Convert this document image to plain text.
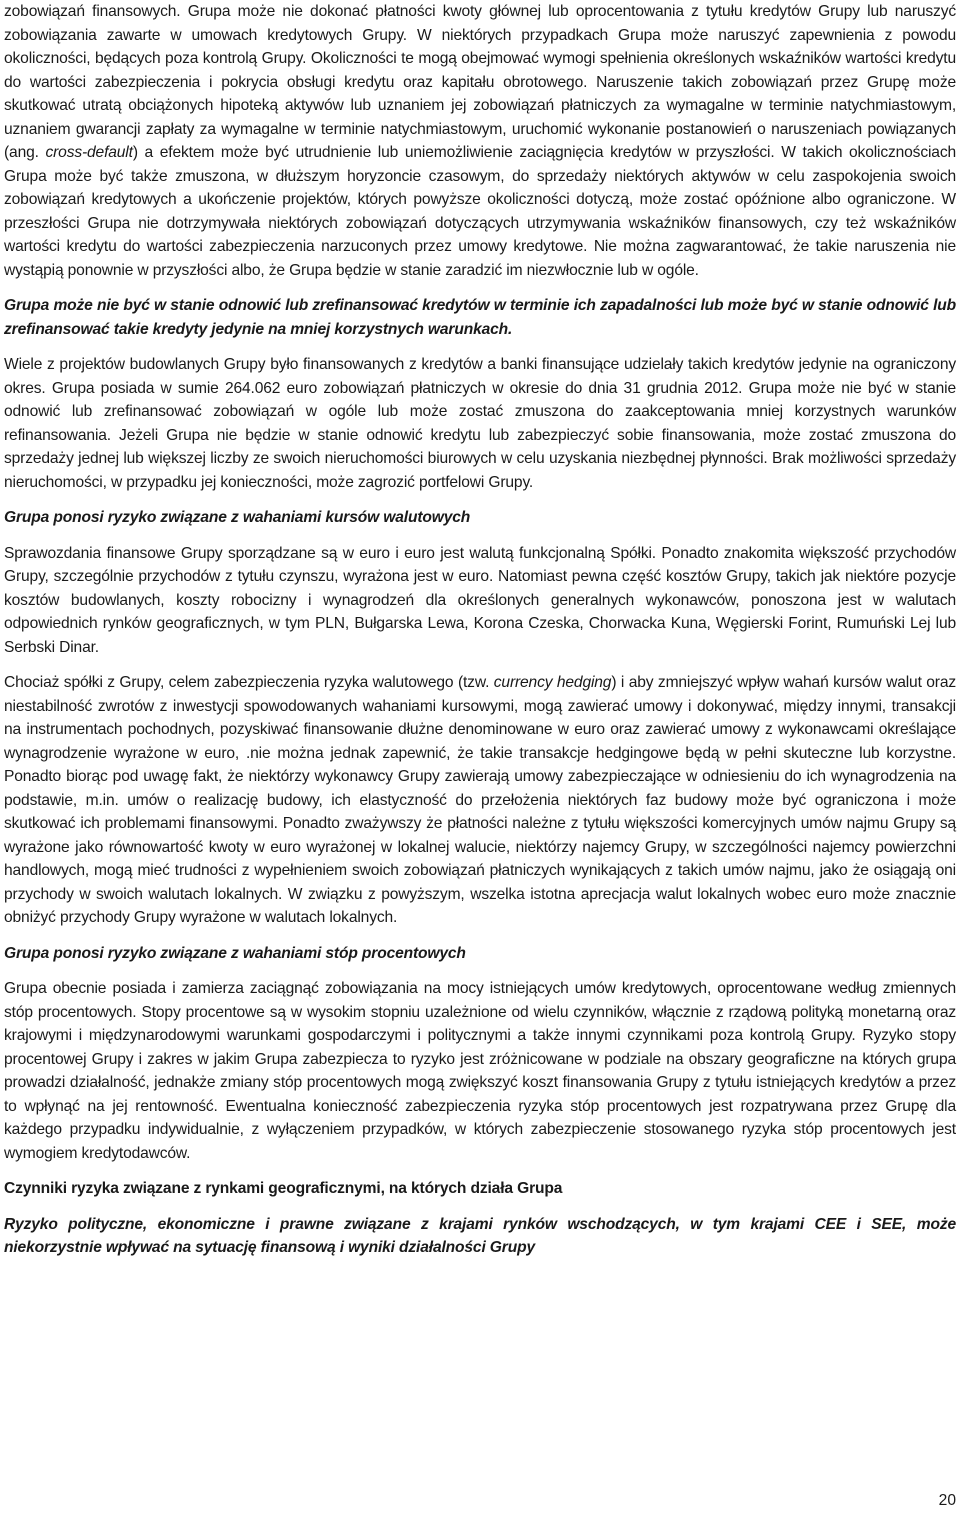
zobowiązań finansowych. Grupa może nie dokonać płatności kwoty głównej lub oprocentowania z tytułu kredytów Grupy lub naruszyć zobowiązania zawarte w umowach kredytowych Grupy. W niektórych przypadkach Grupa może naruszyć zapewnienia z powodu okoliczności, będących poza kontrolą Grupy. Okoliczności te mogą obejmować wymogi spełnienia określonych wskaźników wartości kredytu do wartości zabezpieczenia i pokrycia obsługi kredytu oraz kapitału obrotowego. Naruszenie takich zobowiązań przez Grupę może skutkować utratą obciążonych hipoteką aktywów lub uznaniem jej zobowiązań płatniczych za wymagalne w terminie natychmiastowym, uznaniem gwarancji zapłaty za wymagalne w terminie natychmiastowym, uruchomić wykonanie postanowień o naruszeniach powiązanych (ang. cross-default) a efektem może być utrudnienie lub uniemożliwienie zaciągnięcia kredytów w przyszłości. W takich okolicznościach Grupa może być także zmuszona, w dłuższym horyzoncie czasowym, do sprzedaży niektórych aktywów w celu zaspokojenia swoich zobowiązań kredytowych a ukończenie projektów, których powyższe okoliczności dotyczą, może zostać opóźnione albo ograniczone. W przeszłości Grupa nie dotrzymywała niektórych zobowiązań dotyczących utrzymywania wskaźników finansowych, czy też wskaźników wartości kredytu do wartości zabezpieczenia narzuconych przez umowy kredytowe. Nie można zagwarantować, że takie naruszenia nie wystąpią ponownie w przyszłości albo, że Grupa będzie w stanie zaradzić im niezwłocznie lub w ogóle.

Grupa może nie być w stanie odnowić lub zrefinansować kredytów w terminie ich zapadalności lub może być w stanie odnowić lub zrefinansować takie kredyty jedynie na mniej korzystnych warunkach.

Wiele z projektów budowlanych Grupy było finansowanych z kredytów a banki finansujące udzielały takich kredytów jedynie na ograniczony okres. Grupa posiada w sumie 264.062 euro zobowiązań płatniczych w okresie do dnia 31 grudnia 2012. Grupa może nie być w stanie odnowić lub zrefinansować zobowiązań w ogóle lub może zostać zmuszona do zaakceptowania mniej korzystnych warunków refinansowania. Jeżeli Grupa nie będzie w stanie odnowić kredytu lub zabezpieczyć sobie finansowania, może zostać zmuszona do sprzedaży jednej lub większej liczby ze swoich nieruchomości biurowych w celu uzyskania niezbędnej płynności. Brak możliwości sprzedaży nieruchomości, w przypadku jej konieczności, może zagrozić portfelowi Grupy.

Grupa ponosi ryzyko związane z wahaniami kursów walutowych

Sprawozdania finansowe Grupy sporządzane są w euro i euro jest walutą funkcjonalną Spółki. Ponadto znakomita większość przychodów Grupy, szczególnie przychodów z tytułu czynszu, wyrażona jest w euro. Natomiast pewna część kosztów Grupy, takich jak niektóre pozycje kosztów budowlanych, koszty robocizny i wynagrodzeń dla określonych generalnych wykonawców, ponoszona jest w walutach odpowiednich rynków geograficznych, w tym PLN, Bułgarska Lewa, Korona Czeska, Chorwacka Kuna, Węgierski Forint, Rumuński Lej lub Serbski Dinar.

Chociaż spółki z Grupy, celem zabezpieczenia ryzyka walutowego (tzw. currency hedging) i aby zmniejszyć wpływ wahań kursów walut oraz niestabilność zwrotów z inwestycji spowodowanych wahaniami kursowymi, mogą zawierać umowy i dokonywać, między innymi, transakcji na instrumentach pochodnych, pozyskiwać finansowanie dłużne denominowane w euro oraz zawierać umowy z wykonawcami określające wynagrodzenie wyrażone w euro, .nie można jednak zapewnić, że takie transakcje hedgingowe będą w pełni skuteczne lub korzystne. Ponadto biorąc pod uwagę fakt, że niektórzy wykonawcy Grupy zawierają umowy zabezpieczające w odniesieniu do ich wynagrodzenia na podstawie, m.in. umów o realizację budowy, ich elastyczność do przełożenia niektórych faz budowy może być ograniczona i może skutkować ich problemami finansowymi. Ponadto zważywszy że płatności należne z tytułu większości komercyjnych umów najmu Grupy są wyrażone jako równowartość kwoty w euro wyrażonej w lokalnej walucie, niektórzy najemcy Grupy, w szczególności najemcy powierzchni handlowych, mogą mieć trudności z wypełnieniem swoich zobowiązań płatniczych wynikających z takich umów najmu, jako że osiągają oni przychody w swoich walutach lokalnych. W związku z powyższym, wszelka istotna aprecjacja walut lokalnych wobec euro może znacznie obniżyć przychody Grupy wyrażone w walutach lokalnych.

Grupa ponosi ryzyko związane z wahaniami stóp procentowych

Grupa obecnie posiada i zamierza zaciągnąć zobowiązania na mocy istniejących umów kredytowych, oprocentowane według zmiennych stóp procentowych. Stopy procentowe są w wysokim stopniu uzależnione od wielu czynników, włącznie z rządową polityką monetarną oraz krajowymi i międzynarodowymi warunkami gospodarczymi i politycznymi a także innymi czynnikami poza kontrolą Grupy. Ryzyko stopy procentowej Grupy i zakres w jakim Grupa zabezpiecza to ryzyko jest zróżnicowane w podziale na obszary geograficzne na których grupa prowadzi działalność, jednakże zmiany stóp procentowych mogą zwiększyć koszt finansowania Grupy z tytułu istniejących kredytów a przez to wpłynąć na jej rentowność. Ewentualna konieczność zabezpieczenia ryzyka stóp procentowych jest rozpatrywana przez Grupę dla każdego przypadku indywidualnie, z wyłączeniem przypadków, w których zabezpieczenie stosowanego ryzyka stóp procentowych jest wymogiem kredytodawców.

Czynniki ryzyka związane z rynkami geograficznymi, na których działa Grupa
Ryzyko polityczne, ekonomiczne i prawne związane z krajami rynków wschodzących, w tym krajami CEE i SEE, może niekorzystnie wpływać na sytuację finansową i wyniki działalności Grupy
20
